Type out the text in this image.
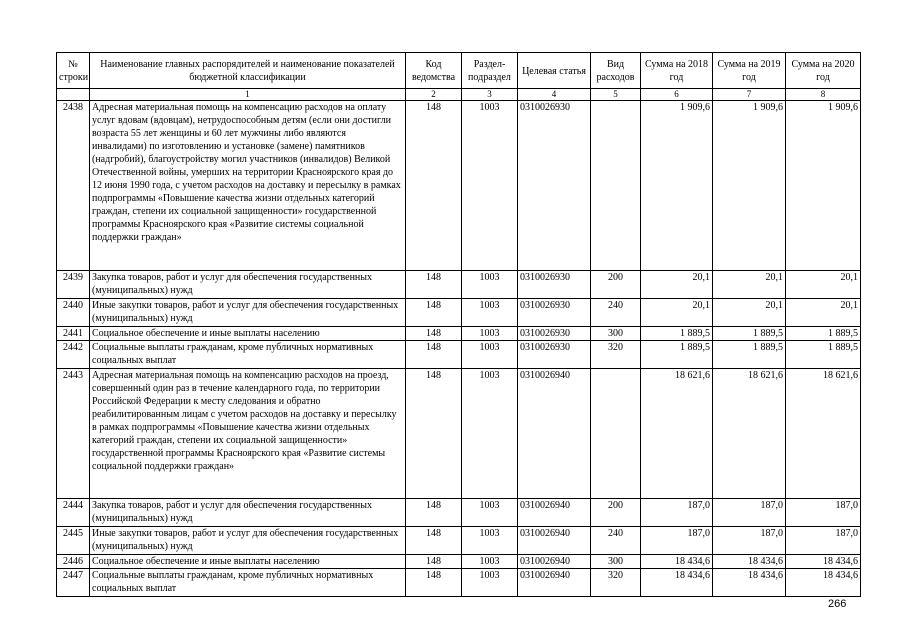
№ строки	Наименование главных распорядителей и наименование показателей бюджетной классификации	Код ведомства	Раздел-подраздел	Целевая статья	Вид расходов	Сумма на 2018 год	Сумма на 2019 год	Сумма на 2020 год
	1	2	3	4	5	6	7	8
2438	Адресная материальная помощь на компенсацию расходов на оплату услуг вдовам (вдовцам), нетрудоспособным детям (если они достигли возраста 55 лет женщины и 60 лет мужчины либо являются инвалидами) по изготовлению и установке (замене) памятников (надгробий), благоустройству могил участников (инвалидов) Великой Отечественной войны, умерших на территории Красноярского края до 12 июня 1990 года, с учетом расходов на доставку и пересылку в рамках подпрограммы «Повышение качества жизни отдельных категорий граждан, степени их социальной защищенности» государственной программы Красноярского края «Развитие системы социальной поддержки граждан»	148	1003	0310026930		1 909,6	1 909,6	1 909,6
2439	Закупка товаров, работ и услуг для обеспечения государственных (муниципальных) нужд	148	1003	0310026930	200	20,1	20,1	20,1
2440	Иные закупки товаров, работ и услуг для обеспечения государственных (муниципальных) нужд	148	1003	0310026930	240	20,1	20,1	20,1
2441	Социальное обеспечение и иные выплаты населению	148	1003	0310026930	300	1 889,5	1 889,5	1 889,5
2442	Социальные выплаты гражданам, кроме публичных нормативных социальных выплат	148	1003	0310026930	320	1 889,5	1 889,5	1 889,5
2443	Адресная материальная помощь на компенсацию расходов на проезд, совершенный один раз в течение календарного года, по территории Российской Федерации к месту следования и обратно реабилитированным лицам с учетом расходов на доставку и пересылку в рамках подпрограммы «Повышение качества жизни отдельных категорий граждан, степени их социальной защищенности» государственной программы Красноярского края «Развитие системы социальной поддержки граждан»	148	1003	0310026940		18 621,6	18 621,6	18 621,6
2444	Закупка товаров, работ и услуг для обеспечения государственных (муниципальных) нужд	148	1003	0310026940	200	187,0	187,0	187,0
2445	Иные закупки товаров, работ и услуг для обеспечения государственных (муниципальных) нужд	148	1003	0310026940	240	187,0	187,0	187,0
2446	Социальное обеспечение и иные выплаты населению	148	1003	0310026940	300	18 434,6	18 434,6	18 434,6
2447	Социальные выплаты гражданам, кроме публичных нормативных социальных выплат	148	1003	0310026940	320	18 434,6	18 434,6	18 434,6
266
